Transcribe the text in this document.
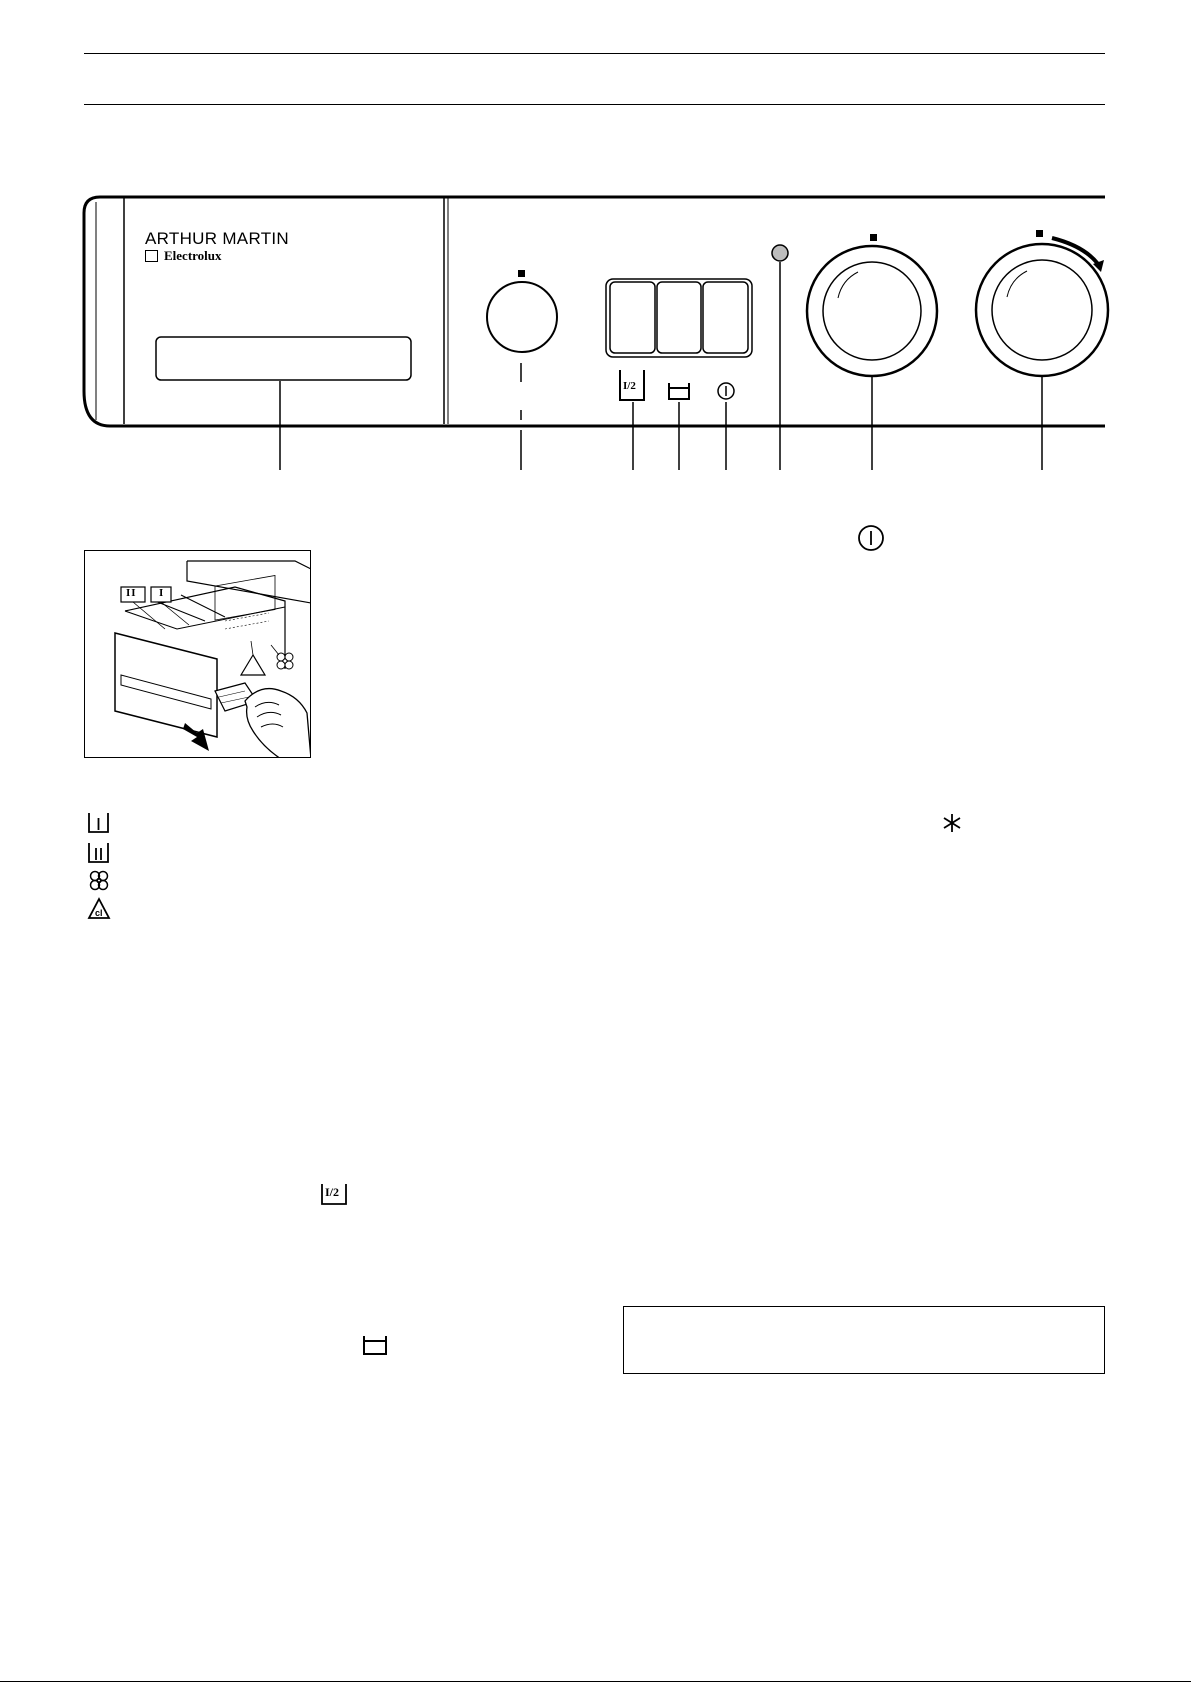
ARTHUR MARTIN
Electrolux
I/2
II I
cl
I/2
